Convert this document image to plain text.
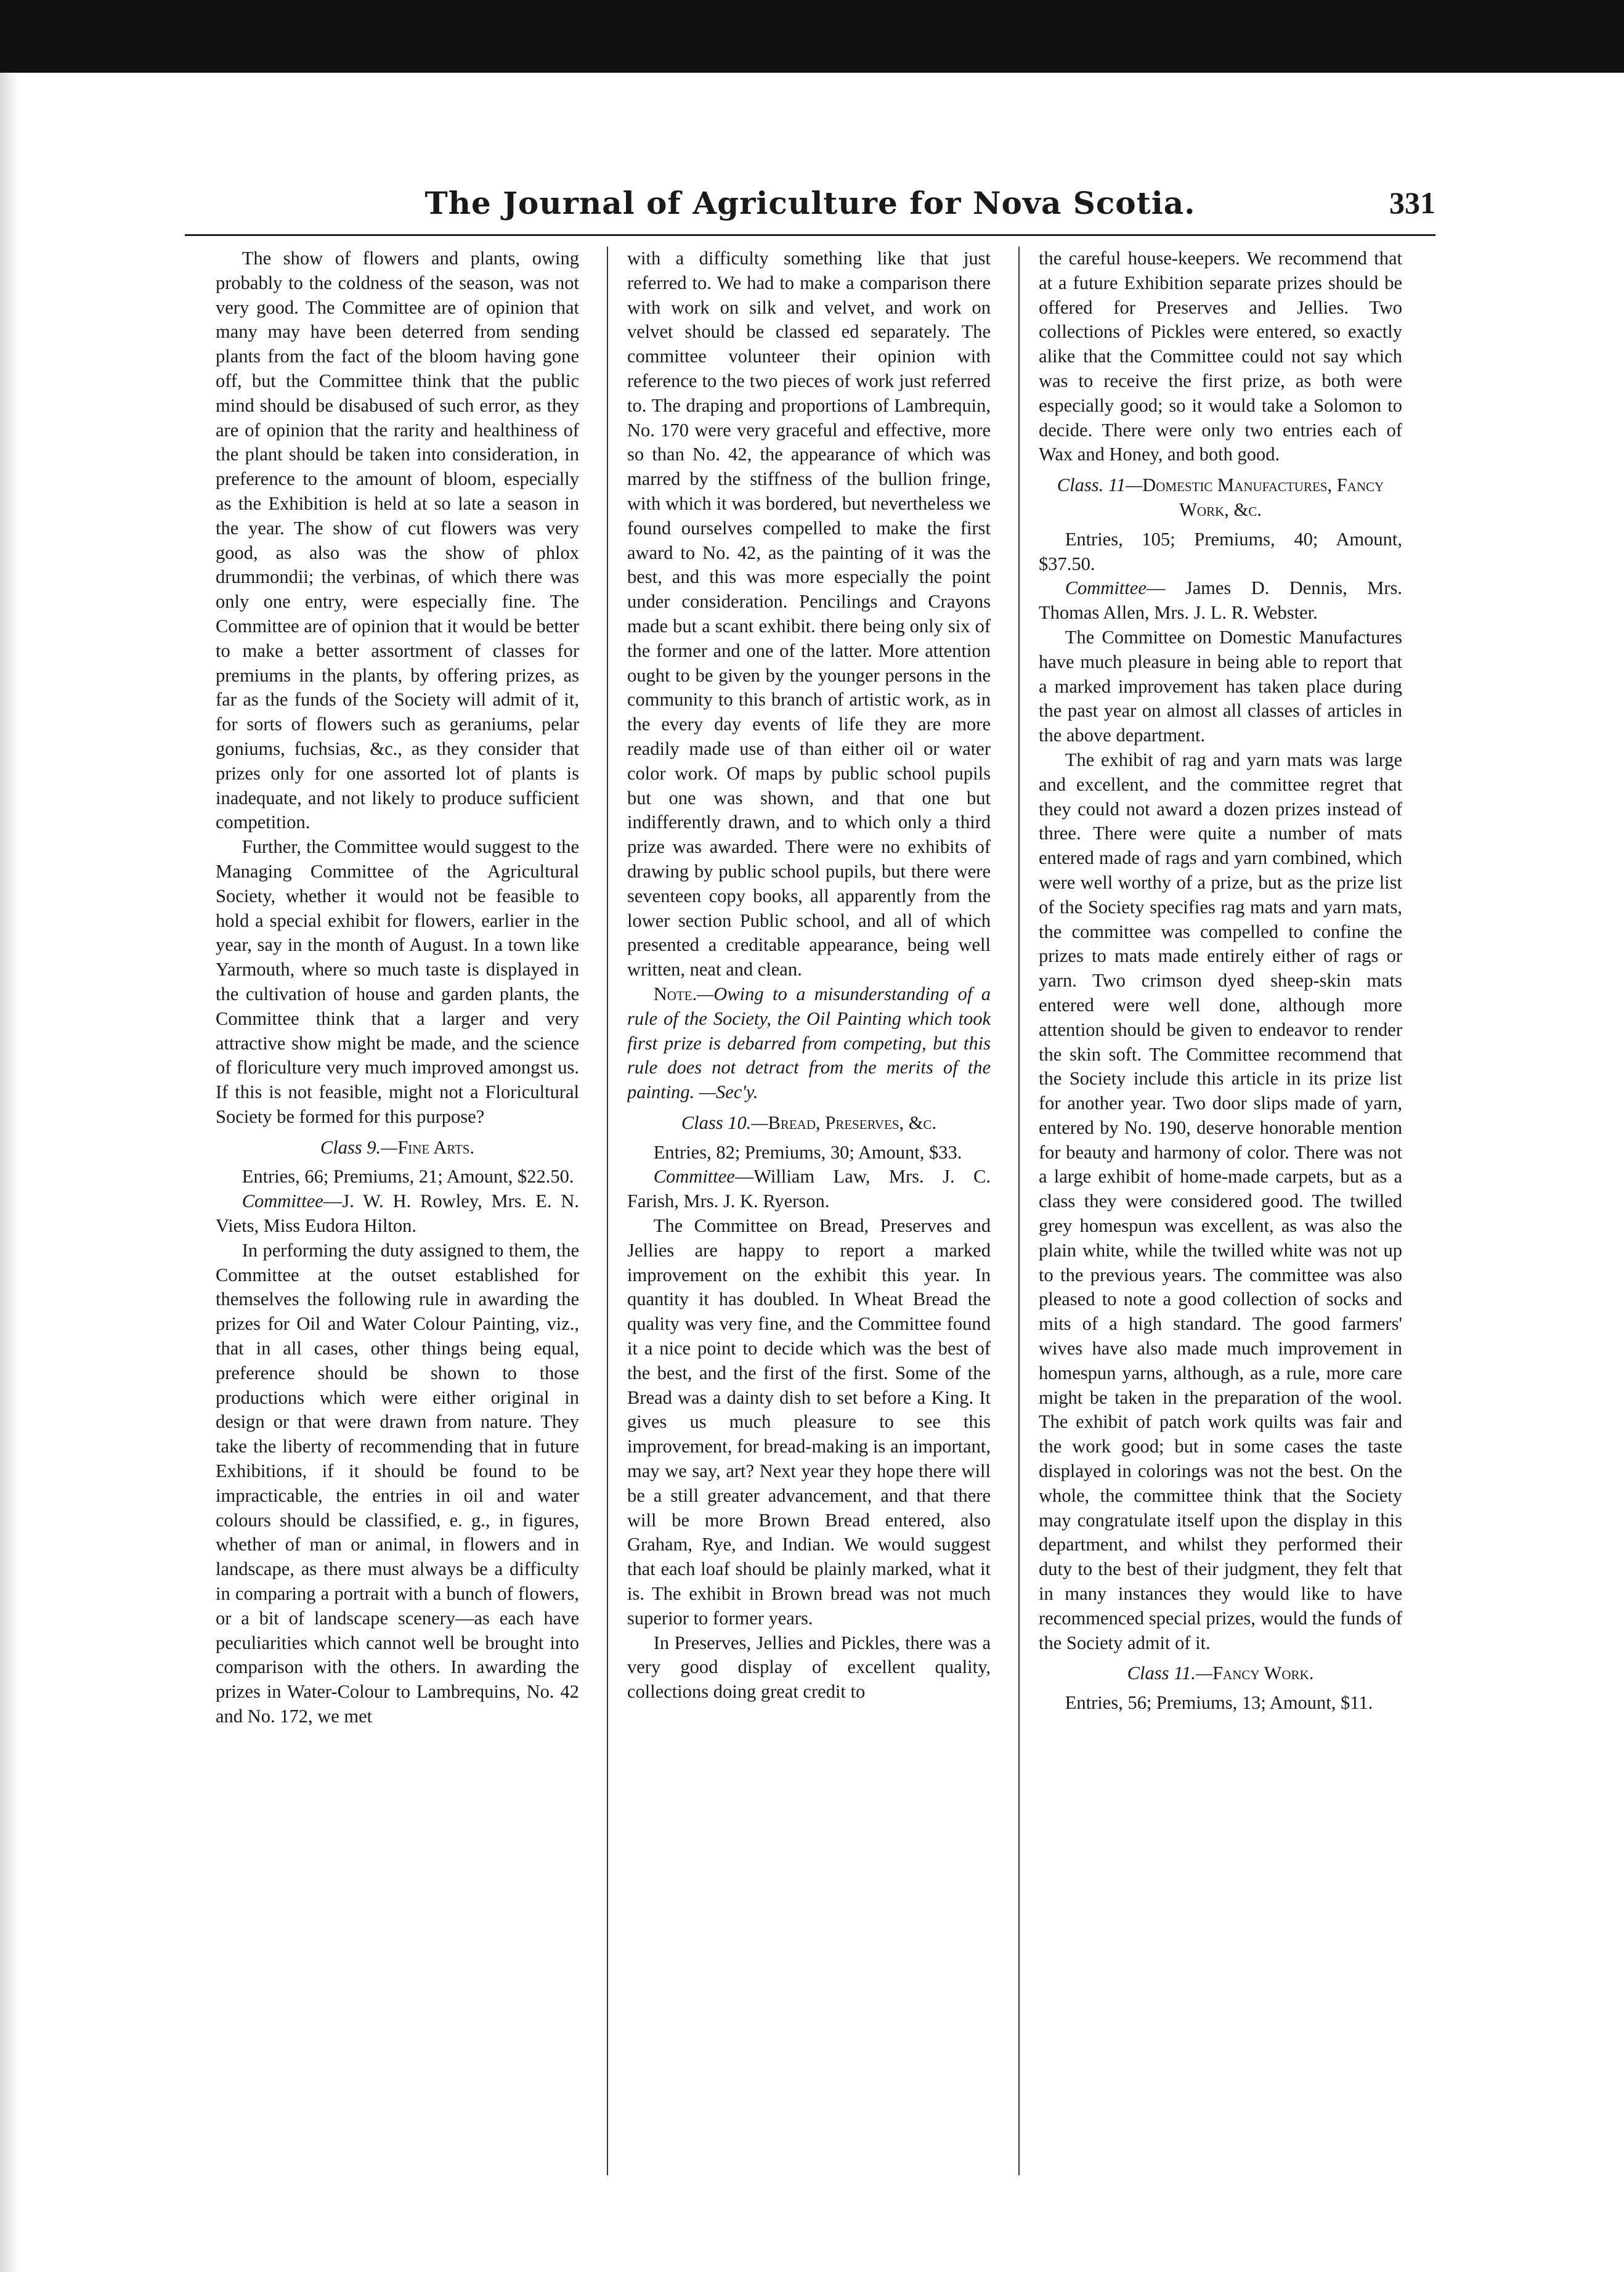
The Journal of Agriculture for Nova Scotia.	331

The show of flowers and plants, owing probably to the coldness of the season, was not very good. The Committee are of opinion that many may have been deterred from sending plants from the fact of the bloom having gone off, but the Committee think that the public mind should be disabused of such error, as they are of opinion that the rarity and healthiness of the plant should be taken into consideration, in preference to the amount of bloom, especially as the Exhibition is held at so late a season in the year. The show of cut flowers was very good, as also was the show of phlox drummondii; the verbinas, of which there was only one entry, were especially fine. The Committee are of opinion that it would be better to make a better assortment of classes for premiums in the plants, by offering prizes, as far as the funds of the Society will admit of it, for sorts of flowers such as geraniums, pelar goniums, fuchsias, &c., as they consider that prizes only for one assorted lot of plants is inadequate, and not likely to produce sufficient competition.

Further, the Committee would suggest to the Managing Committee of the Agricultural Society, whether it would not be feasible to hold a special exhibit for flowers, earlier in the year, say in the month of August. In a town like Yarmouth, where so much taste is displayed in the cultivation of house and garden plants, the Committee think that a larger and very attractive show might be made, and the science of floriculture very much improved amongst us. If this is not feasible, might not a Floricultural Society be formed for this purpose?

Class 9.—Fine Arts.

Entries, 66; Premiums, 21; Amount, $22.50.

Committee—J. W. H. Rowley, Mrs. E. N. Viets, Miss Eudora Hilton.

In performing the duty assigned to them, the Committee at the outset established for themselves the following rule in awarding the prizes for Oil and Water Colour Painting, viz., that in all cases, other things being equal, preference should be shown to those productions which were either original in design or that were drawn from nature. They take the liberty of recommending that in future Exhibitions, if it should be found to be impracticable, the entries in oil and water colours should be classified, e. g., in figures, whether of man or animal, in flowers and in landscape, as there must always be a difficulty in comparing a portrait with a bunch of flowers, or a bit of landscape scenery—as each have peculiarities which cannot well be brought into comparison with the others. In awarding the prizes in Water-Colour to Lambrequins, No. 42 and No. 172, we met

with a difficulty something like that just referred to. We had to make a comparison there with work on silk and velvet, and work on velvet should be classed ed separately. The committee volunteer their opinion with reference to the two pieces of work just referred to. The draping and proportions of Lambrequin, No. 170 were very graceful and effective, more so than No. 42, the appearance of which was marred by the stiffness of the bullion fringe, with which it was bordered, but nevertheless we found ourselves compelled to make the first award to No. 42, as the painting of it was the best, and this was more especially the point under consideration. Pencilings and Crayons made but a scant exhibit. there being only six of the former and one of the latter. More attention ought to be given by the younger persons in the community to this branch of artistic work, as in the every day events of life they are more readily made use of than either oil or water color work. Of maps by public school pupils but one was shown, and that one but indifferently drawn, and to which only a third prize was awarded. There were no exhibits of drawing by public school pupils, but there were seventeen copy books, all apparently from the lower section Public school, and all of which presented a creditable appearance, being well written, neat and clean.

Note.—Owing to a misunderstanding of a rule of the Society, the Oil Painting which took first prize is debarred from competing, but this rule does not detract from the merits of the painting. —Sec'y.

Class 10.—Bread, Preserves, &c.

Entries, 82; Premiums, 30; Amount, $33.

Committee—William Law, Mrs. J. C. Farish, Mrs. J. K. Ryerson.

The Committee on Bread, Preserves and Jellies are happy to report a marked improvement on the exhibit this year. In quantity it has doubled. In Wheat Bread the quality was very fine, and the Committee found it a nice point to decide which was the best of the best, and the first of the first. Some of the Bread was a dainty dish to set before a King. It gives us much pleasure to see this improvement, for bread-making is an important, may we say, art? Next year they hope there will be a still greater advancement, and that there will be more Brown Bread entered, also Graham, Rye, and Indian. We would suggest that each loaf should be plainly marked, what it is. The exhibit in Brown bread was not much superior to former years.

In Preserves, Jellies and Pickles, there was a very good display of excellent quality, collections doing great credit to

the careful house-keepers. We recommend that at a future Exhibition separate prizes should be offered for Preserves and Jellies. Two collections of Pickles were entered, so exactly alike that the Committee could not say which was to receive the first prize, as both were especially good; so it would take a Solomon to decide. There were only two entries each of Wax and Honey, and both good.

Class. 11—Domestic Manufactures, Fancy Work, &c.

Entries, 105; Premiums, 40; Amount, $37.50.

Committee— James D. Dennis, Mrs. Thomas Allen, Mrs. J. L. R. Webster.

The Committee on Domestic Manufactures have much pleasure in being able to report that a marked improvement has taken place during the past year on almost all classes of articles in the above department.

The exhibit of rag and yarn mats was large and excellent, and the committee regret that they could not award a dozen prizes instead of three. There were quite a number of mats entered made of rags and yarn combined, which were well worthy of a prize, but as the prize list of the Society specifies rag mats and yarn mats, the committee was compelled to confine the prizes to mats made entirely either of rags or yarn. Two crimson dyed sheep-skin mats entered were well done, although more attention should be given to endeavor to render the skin soft. The Committee recommend that the Society include this article in its prize list for another year. Two door slips made of yarn, entered by No. 190, deserve honorable mention for beauty and harmony of color. There was not a large exhibit of home-made carpets, but as a class they were considered good. The twilled grey homespun was excellent, as was also the plain white, while the twilled white was not up to the previous years. The committee was also pleased to note a good collection of socks and mits of a high standard. The good farmers' wives have also made much improvement in homespun yarns, although, as a rule, more care might be taken in the preparation of the wool. The exhibit of patch work quilts was fair and the work good; but in some cases the taste displayed in colorings was not the best. On the whole, the committee think that the Society may congratulate itself upon the display in this department, and whilst they performed their duty to the best of their judgment, they felt that in many instances they would like to have recommenced special prizes, would the funds of the Society admit of it.

Class 11.—Fancy Work.

Entries, 56; Premiums, 13; Amount, $11.
